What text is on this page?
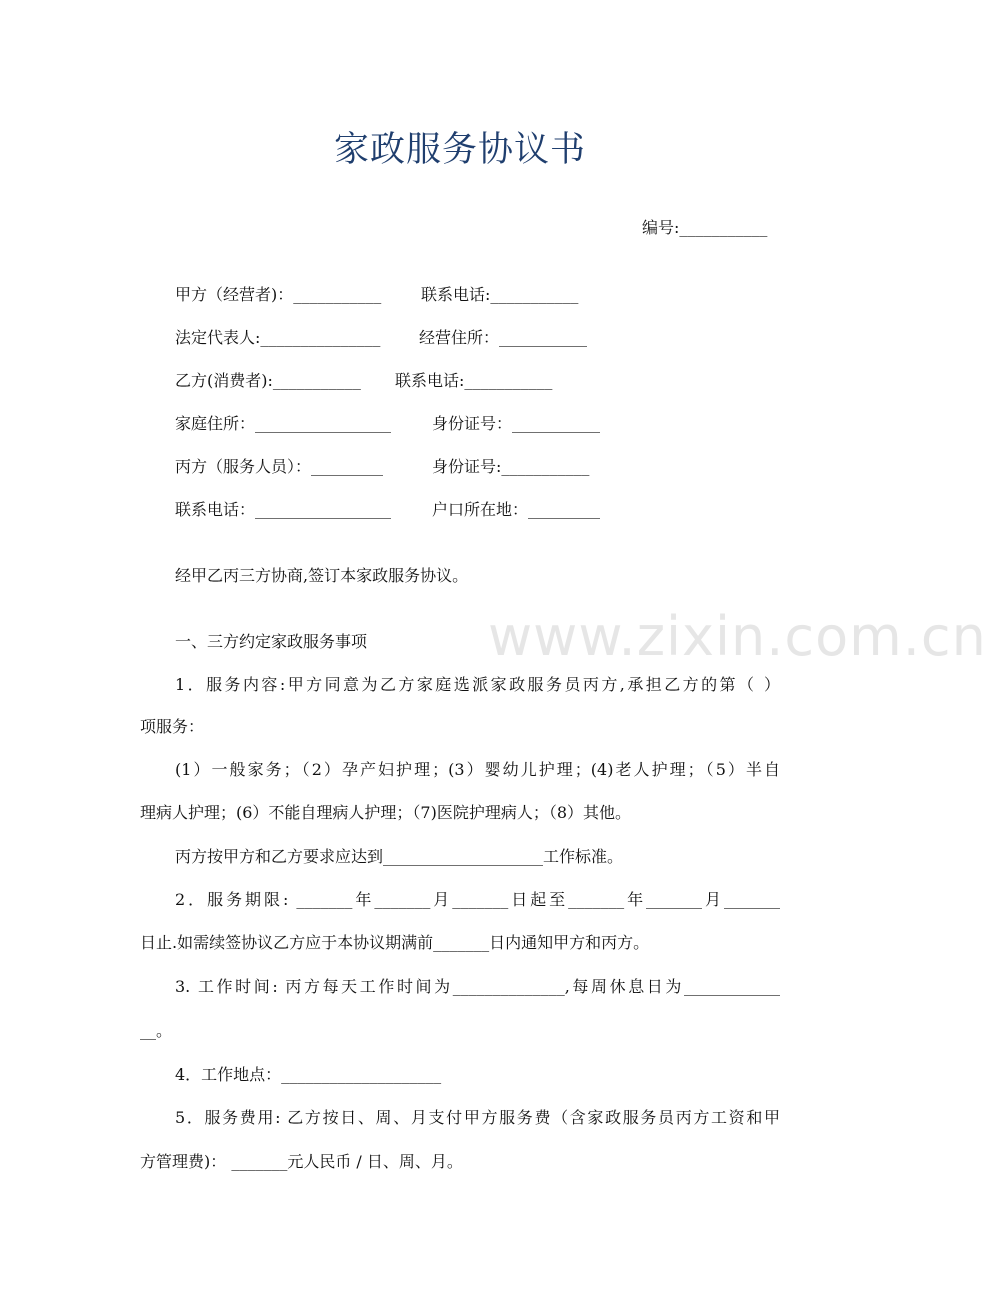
www.zixin.com.cn
家政服务协议书
编号:___________
甲方（经营者)：___________ 联系电话:___________
法定代表人:_______________ 经营住所：___________
乙方(消费者):___________ 联系电话:___________
家庭住所：_________________	身份证号：___________
丙方（服务人员）：_________	身份证号:___________
联系电话：_________________	户口所在地：_________
经甲乙丙三方协商,签订本家政服务协议。
一、三方约定家政服务事项
1．服务内容:甲方同意为乙方家庭选派家政服务员丙方,承担乙方的第（ ）
项服务：
(1）一般家务；（2）孕产妇护理；(3）婴幼儿护理；(4)老人护理；（5）半自
理病人护理；(6）不能自理病人护理；（7)医院护理病人；（8）其他。
丙方按甲方和乙方要求应达到____________________工作标准。
2．服务期限: _______年_______月_______日起至_______年_______月_______
日止.如需续签协议乙方应于本协议期满前_______日内通知甲方和丙方。
3. 工作时间: 丙方每天工作时间为______________,每周休息日为____________
__。
4．工作地点：____________________
5．服务费用: 乙方按日、周、月支付甲方服务费（含家政服务员丙方工资和甲
方管理费)： _______元人民币 / 日、周、月。
